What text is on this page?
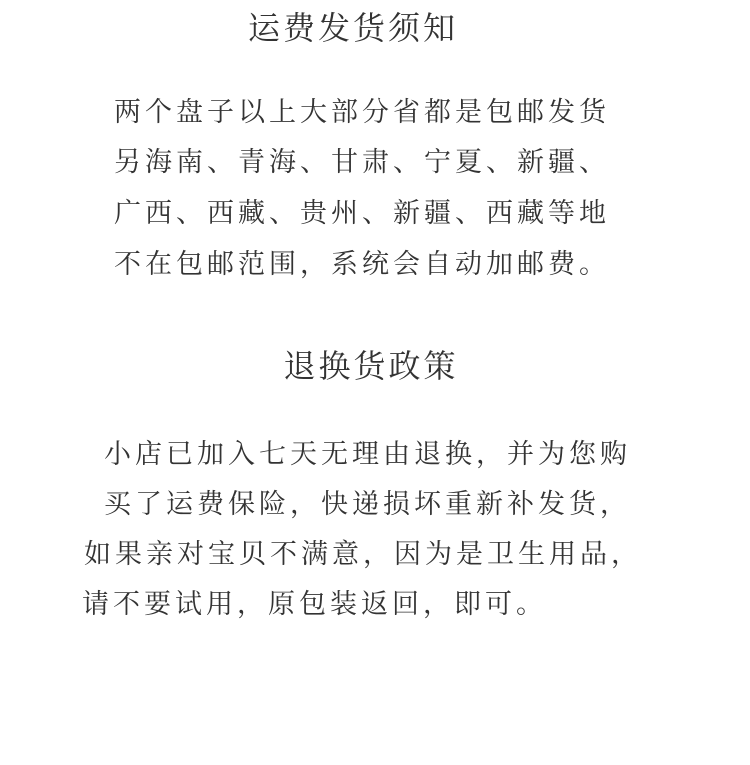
运费发货须知
两个盘子以上大部分省都是包邮发货
另海南、青海、甘肃、宁夏、新疆、
广西、西藏、贵州、新疆、西藏等地
不在包邮范围，系统会自动加邮费。
退换货政策
小店已加入七天无理由退换，并为您购
买了运费保险，快递损坏重新补发货，
如果亲对宝贝不满意，因为是卫生用品，
请不要试用，原包装返回，即可。
